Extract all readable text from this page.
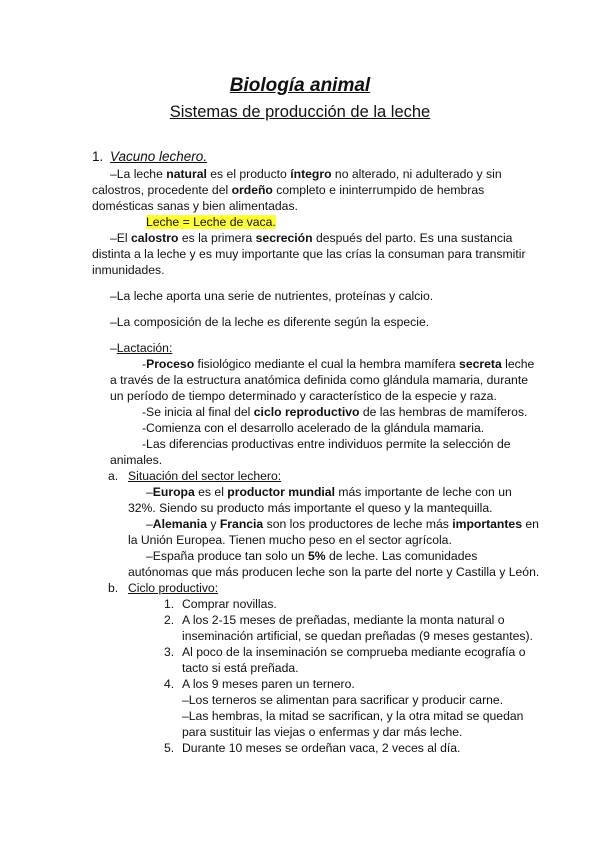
Biología animal
Sistemas de producción de la leche
1. Vacuno lechero.

–La leche natural es el producto íntegro no alterado, ni adulterado y sin calostros, procedente del ordeño completo e ininterrumpido de hembras domésticas sanas y bien alimentadas.

Leche = Leche de vaca.

–El calostro es la primera secreción después del parto. Es una sustancia distinta a la leche y es muy importante que las crías la consuman para transmitir inmunidades.

–La leche aporta una serie de nutrientes, proteínas y calcio.

–La composición de la leche es diferente según la especie.

–Lactación:

-Proceso fisiológico mediante el cual la hembra mamífera secreta leche a través de la estructura anatómica definida como glándula mamaria, durante un período de tiempo determinado y característico de la especie y raza.

-Se inicia al final del ciclo reproductivo de las hembras de mamíferos.

-Comienza con el desarrollo acelerado de la glándula mamaria.

-Las diferencias productivas entre individuos permite la selección de animales.

a. Situación del sector lechero:

–Europa es el productor mundial más importante de leche con un 32%. Siendo su producto más importante el queso y la mantequilla.

–Alemania y Francia son los productores de leche más importantes en la Unión Europea. Tienen mucho peso en el sector agrícola.

–España produce tan solo un 5% de leche. Las comunidades autónomas que más producen leche son la parte del norte y Castilla y León.

b. Ciclo productivo:

1. Comprar novillas.
2. A los 2-15 meses de preñadas, mediante la monta natural o inseminación artificial, se quedan preñadas (9 meses gestantes).
3. Al poco de la inseminación se comprueba mediante ecografía o tacto si está preñada.
4. A los 9 meses paren un ternero.
–Los terneros se alimentan para sacrificar y producir carne.
–Las hembras, la mitad se sacrifican, y la otra mitad se quedan para sustituir las viejas o enfermas y dar más leche.
5. Durante 10 meses se ordeñan vaca, 2 veces al día.
